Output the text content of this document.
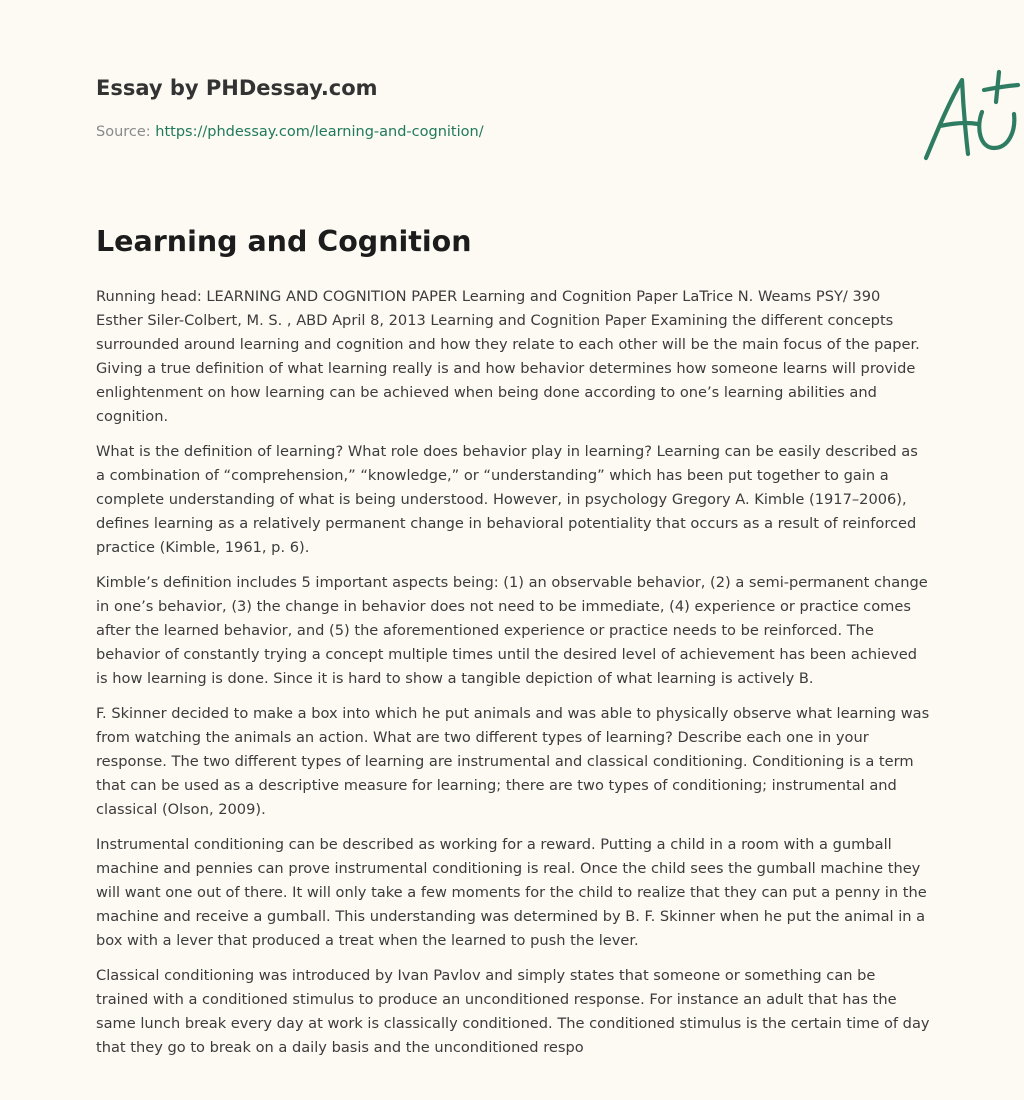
Essay by PHDessay.com
Source: https://phdessay.com/learning-and-cognition/
Learning and Cognition

Running head: LEARNING AND COGNITION PAPER Learning and Cognition Paper LaTrice N. Weams PSY/ 390 Esther Siler-Colbert, M. S. , ABD April 8, 2013 Learning and Cognition Paper Examining the different concepts surrounded around learning and cognition and how they relate to each other will be the main focus of the paper. Giving a true definition of what learning really is and how behavior determines how someone learns will provide enlightenment on how learning can be achieved when being done according to one’s learning abilities and cognition.

What is the definition of learning? What role does behavior play in learning? Learning can be easily described as a combination of “comprehension,” “knowledge,” or “understanding” which has been put together to gain a complete understanding of what is being understood. However, in psychology Gregory A. Kimble (1917–2006), defines learning as a relatively permanent change in behavioral potentiality that occurs as a result of reinforced practice (Kimble, 1961, p. 6).

Kimble’s definition includes 5 important aspects being: (1) an observable behavior, (2) a semi-permanent change in one’s behavior, (3) the change in behavior does not need to be immediate, (4) experience or practice comes after the learned behavior, and (5) the aforementioned experience or practice needs to be reinforced. The behavior of constantly trying a concept multiple times until the desired level of achievement has been achieved is how learning is done. Since it is hard to show a tangible depiction of what learning is actively B.

F. Skinner decided to make a box into which he put animals and was able to physically observe what learning was from watching the animals an action. What are two different types of learning? Describe each one in your response. The two different types of learning are instrumental and classical conditioning. Conditioning is a term that can be used as a descriptive measure for learning; there are two types of conditioning; instrumental and classical (Olson, 2009).

Instrumental conditioning can be described as working for a reward. Putting a child in a room with a gumball machine and pennies can prove instrumental conditioning is real. Once the child sees the gumball machine they will want one out of there. It will only take a few moments for the child to realize that they can put a penny in the machine and receive a gumball. This understanding was determined by B. F. Skinner when he put the animal in a box with a lever that produced a treat when the learned to push the lever.

Classical conditioning was introduced by Ivan Pavlov and simply states that someone or something can be trained with a conditioned stimulus to produce an unconditioned response. For instance an adult that has the same lunch break every day at work is classically conditioned. The conditioned stimulus is the certain time of day that they go to break on a daily basis and the unconditioned respo
